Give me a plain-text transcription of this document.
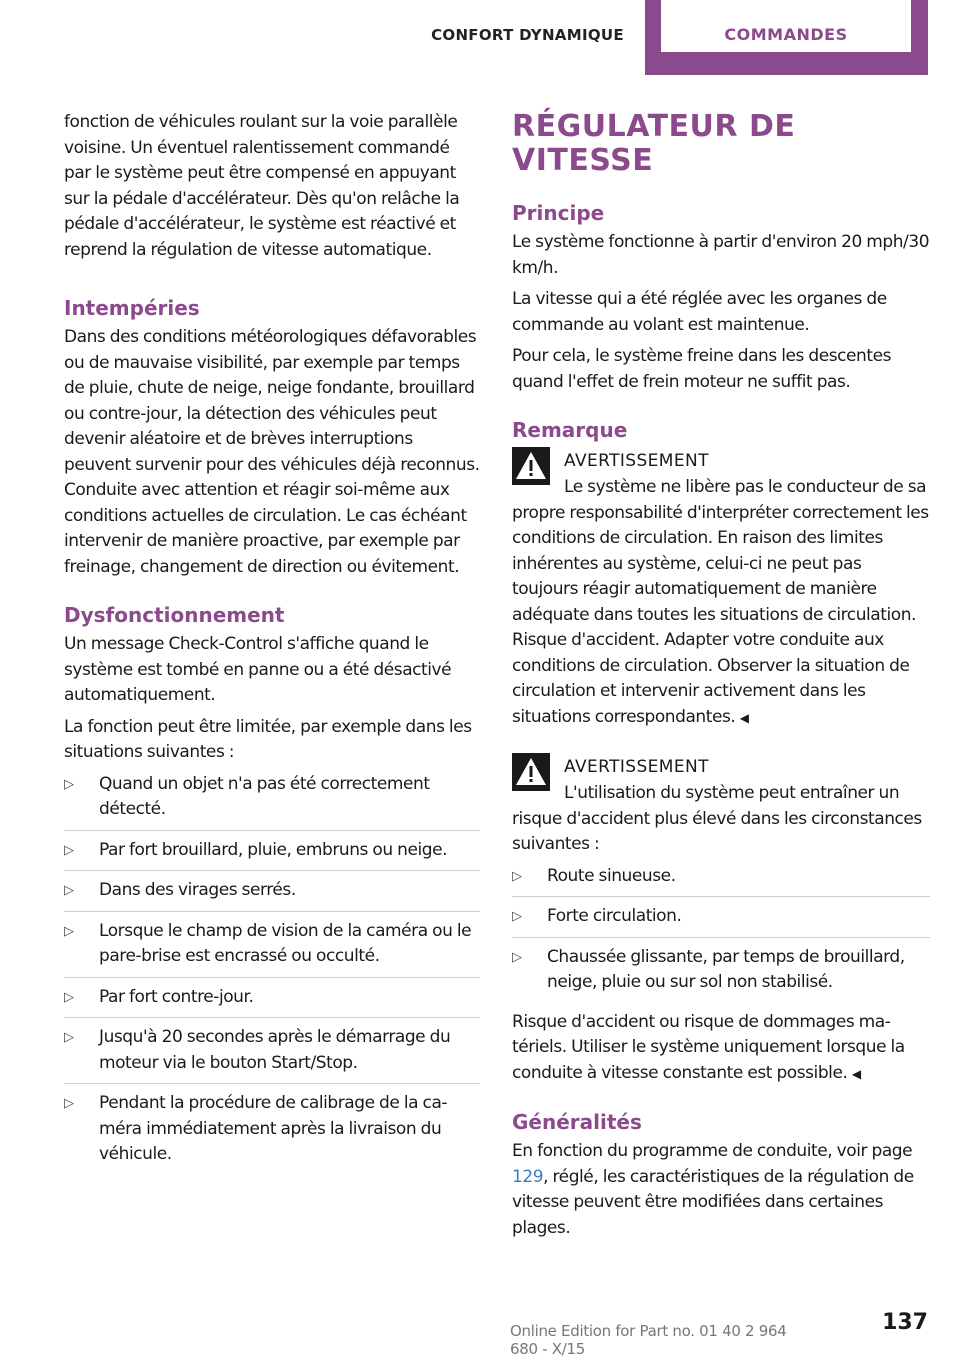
CONFORT DYNAMIQUE	COMMANDES

fonction de véhicules roulant sur la voie parallèle voisine. Un éventuel ralentissement commandé par le système peut être compensé en appuyant sur la pédale d'accélérateur. Dès qu'on relâche la pédale d'accélérateur, le système est réactivé et reprend la régulation de vitesse automatique.

Intempéries

Dans des conditions météorologiques défavorables ou de mauvaise visibilité, par exemple par temps de pluie, chute de neige, neige fondante, brouillard ou contre-jour, la détection des véhicules peut devenir aléatoire et de brèves interruptions peuvent survenir pour des véhicules déjà reconnus. Conduite avec attention et réagir soi-même aux conditions actuelles de circulation. Le cas échéant intervenir de manière proactive, par exemple par freinage, changement de direction ou évitement.

Dysfonctionnement

Un message Check-Control s'affiche quand le système est tombé en panne ou a été désactivé automatiquement.

La fonction peut être limitée, par exemple dans les situations suivantes :

▷ Quand un objet n'a pas été correctement détecté.
▷ Par fort brouillard, pluie, embruns ou neige.
▷ Dans des virages serrés.
▷ Lorsque le champ de vision de la caméra ou le pare-brise est encrassé ou occulté.
▷ Par fort contre-jour.
▷ Jusqu'à 20 secondes après le démarrage du moteur via le bouton Start/Stop.
▷ Pendant la procédure de calibrage de la caméra immédiatement après la livraison du véhicule.
RÉGULATEUR DE VITESSE
Principe

Le système fonctionne à partir d'environ 20 mph/30 km/h.

La vitesse qui a été réglée avec les organes de commande au volant est maintenue.

Pour cela, le système freine dans les descentes quand l'effet de frein moteur ne suffit pas.

Remarque
AVERTISSEMENT

Le système ne libère pas le conducteur de sa propre responsabilité d'interpréter correctement les conditions de circulation. En raison des limites inhérentes au système, celui-ci ne peut pas toujours réagir automatiquement de manière adéquate dans toutes les situations de circulation. Risque d'accident. Adapter votre conduite aux conditions de circulation. Observer la situation de circulation et intervenir activement dans les situations correspondantes. ◀

AVERTISSEMENT

L'utilisation du système peut entraîner un risque d'accident plus élevé dans les circonstances suivantes :

▷ Route sinueuse.
▷ Forte circulation.
▷ Chaussée glissante, par temps de brouillard, neige, pluie ou sur sol non stabilisé.

Risque d'accident ou risque de dommages matériels. Utiliser le système uniquement lorsque la conduite à vitesse constante est possible. ◀

Généralités

En fonction du programme de conduite, voir page 129, réglé, les caractéristiques de la régulation de vitesse peuvent être modifiées dans certaines plages.

Online Edition for Part no. 01 40 2 964 680 - X/15
137
